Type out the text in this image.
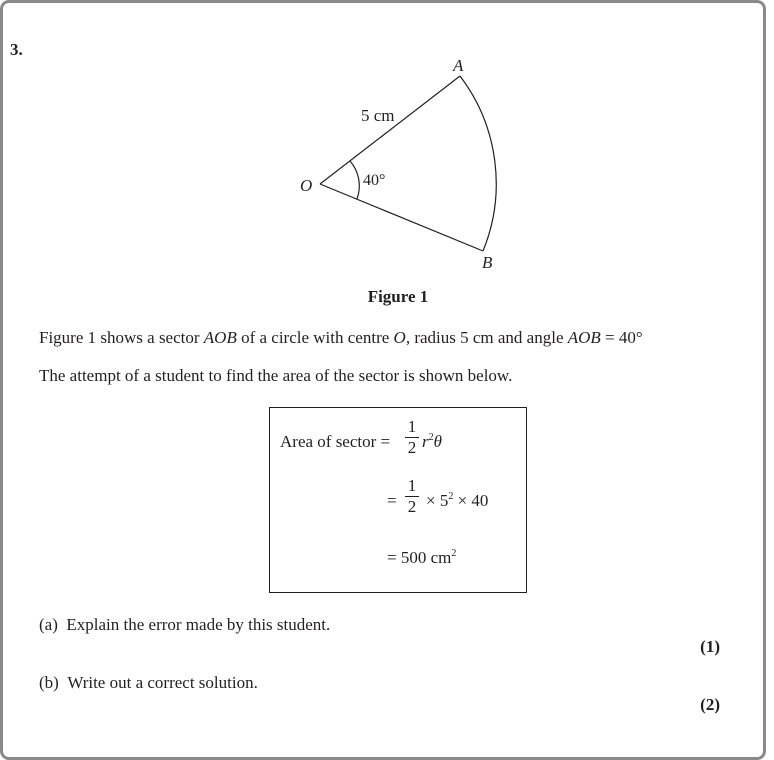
3.
A
B
O
5 cm
40°
Figure 1
Figure 1 shows a sector AOB of a circle with centre O, radius 5 cm and angle AOB = 40°
The attempt of a student to find the area of the sector is shown below.
Area of sector =
1
2 $r^2\theta$
=
1
$2 \times 5^2 \times 40$
= 500 $cm^2$
(a) Explain the error made by this student.
(1)
(b) Write out a correct solution.
(2)
